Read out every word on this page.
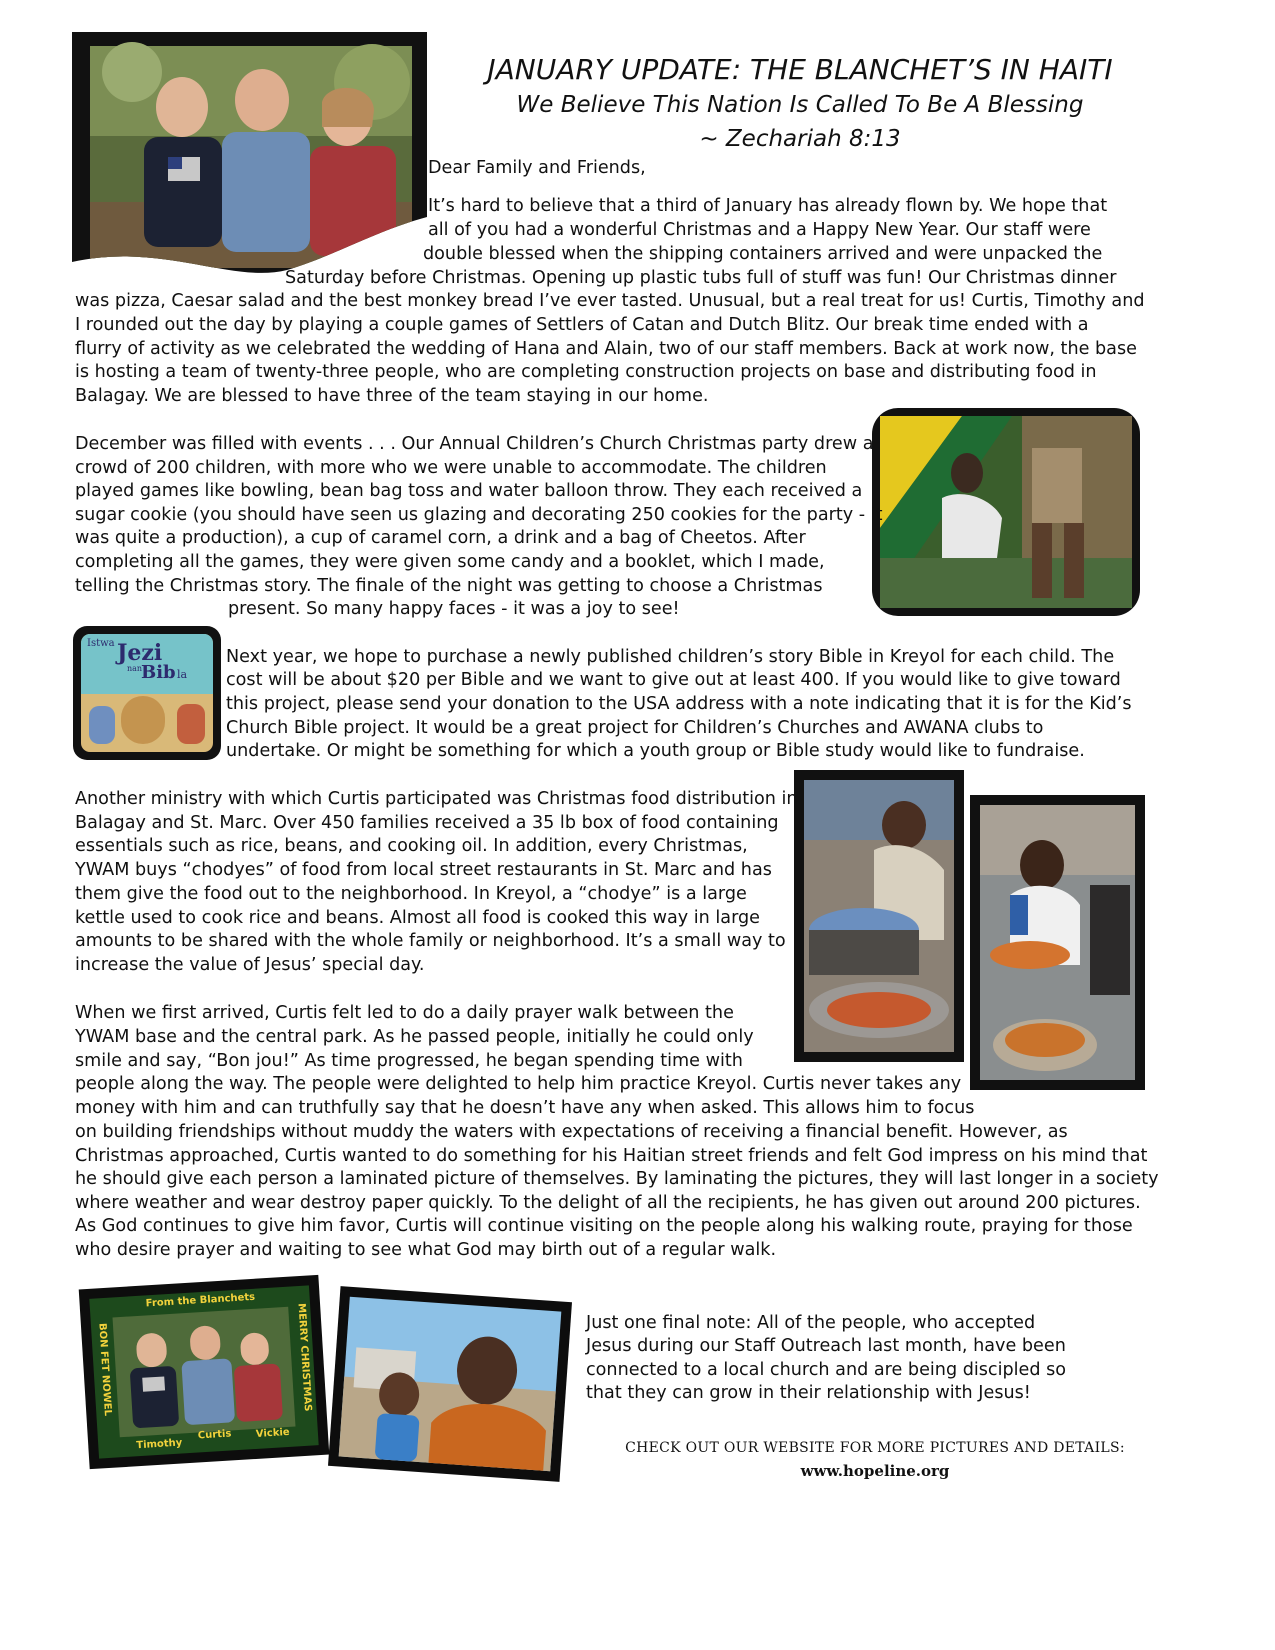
JANUARY UPDATE: THE BLANCHET’S IN HAITI
We Believe This Nation Is Called To Be A Blessing
~ Zechariah 8:13
Dear Family and Friends,
It’s hard to believe that a third of January has already flown by. We hope that
all of you had a wonderful Christmas and a Happy New Year. Our staff were
double blessed when the shipping containers arrived and were unpacked the
Saturday before Christmas. Opening up plastic tubs full of stuff was fun! Our Christmas dinner
was pizza, Caesar salad and the best monkey bread I’ve ever tasted. Unusual, but a real treat for us! Curtis, Timothy and
I rounded out the day by playing a couple games of Settlers of Catan and Dutch Blitz. Our break time ended with a
flurry of activity as we celebrated the wedding of Hana and Alain, two of our staff members. Back at work now, the base
is hosting a team of twenty-three people, who are completing construction projects on base and distributing food in
Balagay. We are blessed to have three of the team staying in our home.
December was filled with events . . . Our Annual Children’s Church Christmas party drew a
crowd of 200 children, with more who we were unable to accommodate. The children
played games like bowling, bean bag toss and water balloon throw. They each received a
sugar cookie (you should have seen us glazing and decorating 250 cookies for the party - it
was quite a production), a cup of caramel corn, a drink and a bag of Cheetos. After
completing all the games, they were given some candy and a booklet, which I made,
telling the Christmas story. The finale of the night was getting to choose a Christmas
present. So many happy faces - it was a joy to see!
Istwa Jezi
nan
Bib la
Next year, we hope to purchase a newly published children’s story Bible in Kreyol for each child. The
cost will be about $20 per Bible and we want to give out at least 400. If you would like to give toward
this project, please send your donation to the USA address with a note indicating that it is for the Kid’s
Church Bible project. It would be a great project for Children’s Churches and AWANA clubs to
undertake. Or might be something for which a youth group or Bible study would like to fundraise.
Another ministry with which Curtis participated was Christmas food distribution in
Balagay and St. Marc. Over 450 families received a 35 lb box of food containing
essentials such as rice, beans, and cooking oil. In addition, every Christmas,
YWAM buys “chodyes” of food from local street restaurants in St. Marc and has
them give the food out to the neighborhood. In Kreyol, a “chodye” is a large
kettle used to cook rice and beans. Almost all food is cooked this way in large
amounts to be shared with the whole family or neighborhood. It’s a small way to
increase the value of Jesus’ special day.
When we first arrived, Curtis felt led to do a daily prayer walk between the
YWAM base and the central park. As he passed people, initially he could only
smile and say, “Bon jou!” As time progressed, he began spending time with
people along the way. The people were delighted to help him practice Kreyol. Curtis never takes any
money with him and can truthfully say that he doesn’t have any when asked. This allows him to focus
on building friendships without muddy the waters with expectations of receiving a financial benefit. However, as
Christmas approached, Curtis wanted to do something for his Haitian street friends and felt God impress on his mind that
he should give each person a laminated picture of themselves. By laminating the pictures, they will last longer in a society
where weather and wear destroy paper quickly. To the delight of all the recipients, he has given out around 200 pictures.
As God continues to give him favor, Curtis will continue visiting on the people along his walking route, praying for those
who desire prayer and waiting to see what God may birth out of a regular walk.
From the Blanchets
BON FET NOWEL	MERRY CHRISTMAS
Timothy
Curtis Vickie
Just one final note: All of the people, who accepted
Jesus during our Staff Outreach last month, have been
connected to a local church and are being discipled so
that they can grow in their relationship with Jesus!
CHECK OUT OUR WEBSITE FOR MORE PICTURES AND DETAILS:
www.hopeline.org
